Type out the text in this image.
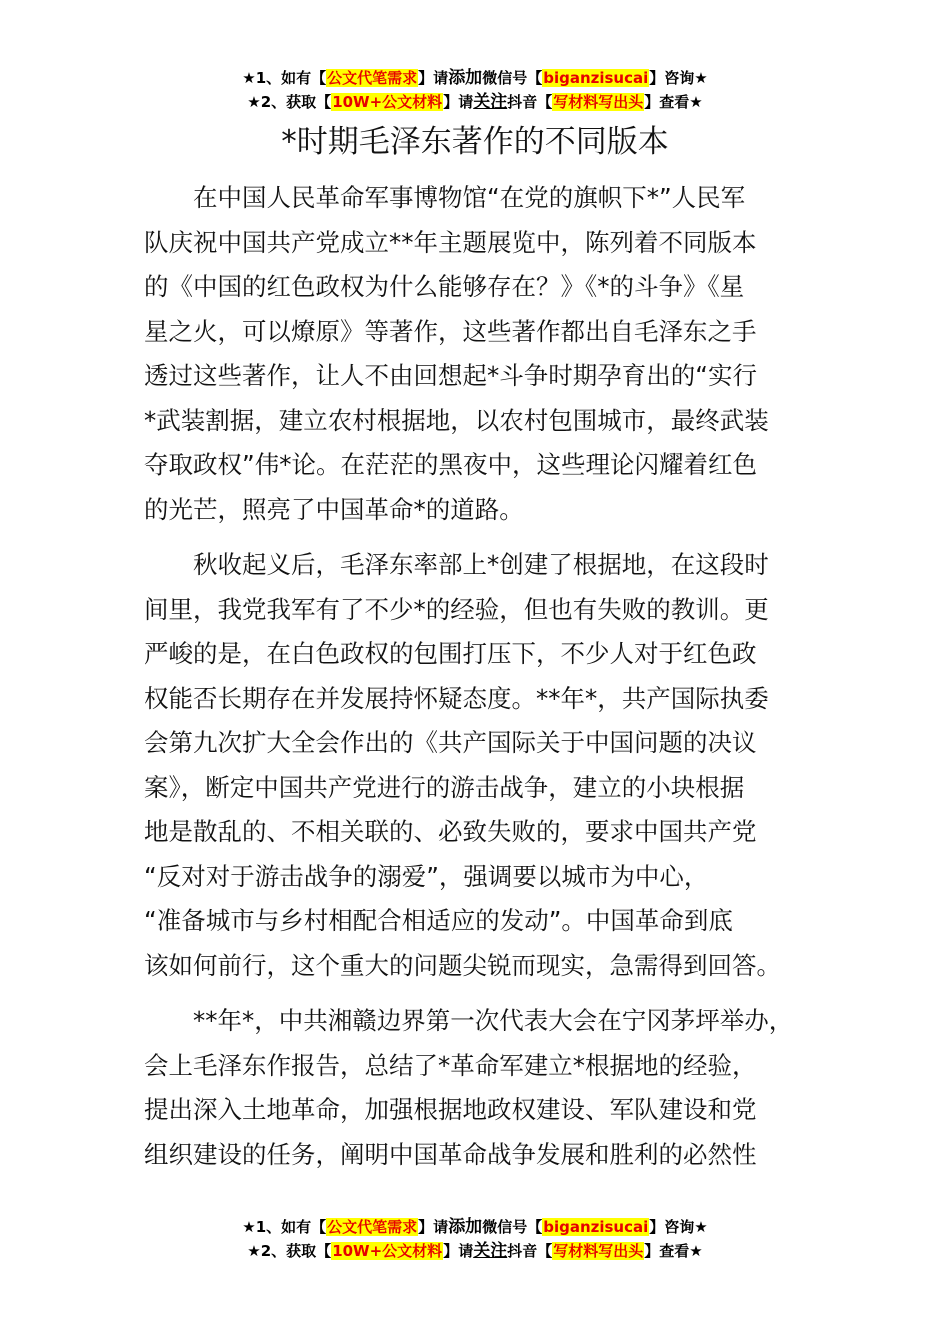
★1、如有【公文代笔需求】请添加微信号【biganzisucai】咨询★
★2、获取【10W+公文材料】请关注抖音【写材料写出头】查看★
*时期毛泽东著作的不同版本
　　在中国人民革命军事博物馆“在党的旗帜下*”人民军
队庆祝中国共产党成立**年主题展览中，陈列着不同版本
的《中国的红色政权为什么能够存在？》《*的斗争》《星
星之火，可以燎原》等著作，这些著作都出自毛泽东之手
透过这些著作，让人不由回想起*斗争时期孕育出的“实行
*武装割据，建立农村根据地，以农村包围城市，最终武装
夺取政权”伟*论。在茫茫的黑夜中，这些理论闪耀着红色
的光芒，照亮了中国革命*的道路。
　　秋收起义后，毛泽东率部上*创建了根据地，在这段时
间里，我党我军有了不少*的经验，但也有失败的教训。更
严峻的是，在白色政权的包围打压下，不少人对于红色政
权能否长期存在并发展持怀疑态度。**年*，共产国际执委
会第九次扩大全会作出的《共产国际关于中国问题的决议
案》，断定中国共产党进行的游击战争，建立的小块根据
地是散乱的、不相关联的、必致失败的，要求中国共产党
“反对对于游击战争的溺爱”，强调要以城市为中心，
“准备城市与乡村相配合相适应的发动”。中国革命到底
该如何前行，这个重大的问题尖锐而现实，急需得到回答。
　　**年*，中共湘赣边界第一次代表大会在宁冈茅坪举办，
会上毛泽东作报告，总结了*革命军建立*根据地的经验，
提出深入土地革命，加强根据地政权建设、军队建设和党
组织建设的任务，阐明中国革命战争发展和胜利的必然性
★1、如有【公文代笔需求】请添加微信号【biganzisucai】咨询★
★2、获取【10W+公文材料】请关注抖音【写材料写出头】查看★
